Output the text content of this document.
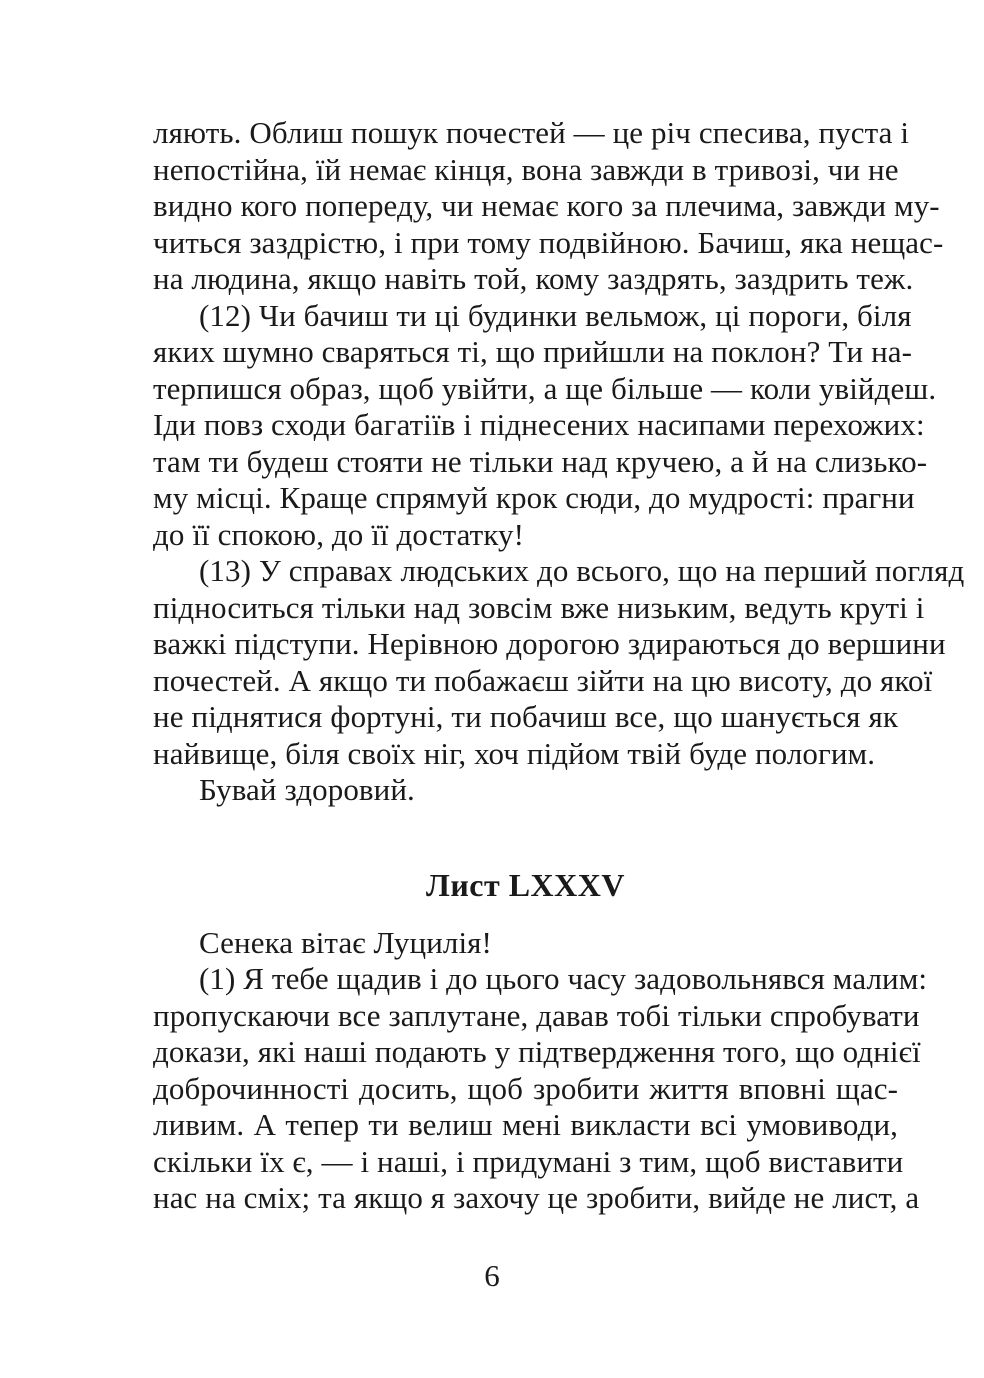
ляють. Облиш пошук почестей — це річ спесива, пуста і
непостійна, їй немає кінця, вона завжди в тривозі, чи не
видно кого попереду, чи немає кого за плечима, завжди му-
читься заздрістю, і при тому подвійною. Бачиш, яка нещас-
на людина, якщо навіть той, кому заздрять, заздрить теж.
(12) Чи бачиш ти ці будинки вельмож, ці пороги, біля
яких шумно сваряться ті, що прийшли на поклон? Ти на-
терпишся образ, щоб увійти, а ще більше — коли увійдеш.
Іди повз сходи багатіїв і піднесених насипами перехожих:
там ти будеш стояти не тільки над кручею, а й на слизько-
му місці. Краще спрямуй крок сюди, до мудрості: прагни
до її спокою, до її достатку!
(13) У справах людських до всього, що на перший погляд
підноситься тільки над зовсім вже низьким, ведуть круті і
важкі підступи. Нерівною дорогою здираються до вершини
почестей. А якщо ти побажаєш зійти на цю висоту, до якої
не піднятися фортуні, ти побачиш все, що шанується як
найвище, біля своїх ніг, хоч підйом твій буде пологим.
Бувай здоровий.
Лист LXXXV
Сенека вітає Луцилія!
(1) Я тебе щадив і до цього часу задовольнявся малим:
пропускаючи все заплутане, давав тобі тільки спробувати
докази, які наші подають у підтвердження того, що однієї
доброчинності досить, щоб зробити життя вповні щас-
ливим. А тепер ти велиш мені викласти всі умовиводи,
скільки їх є, — і наші, і придумані з тим, щоб виставити
нас на сміх; та якщо я захочу це зробити, вийде не лист, а
6
